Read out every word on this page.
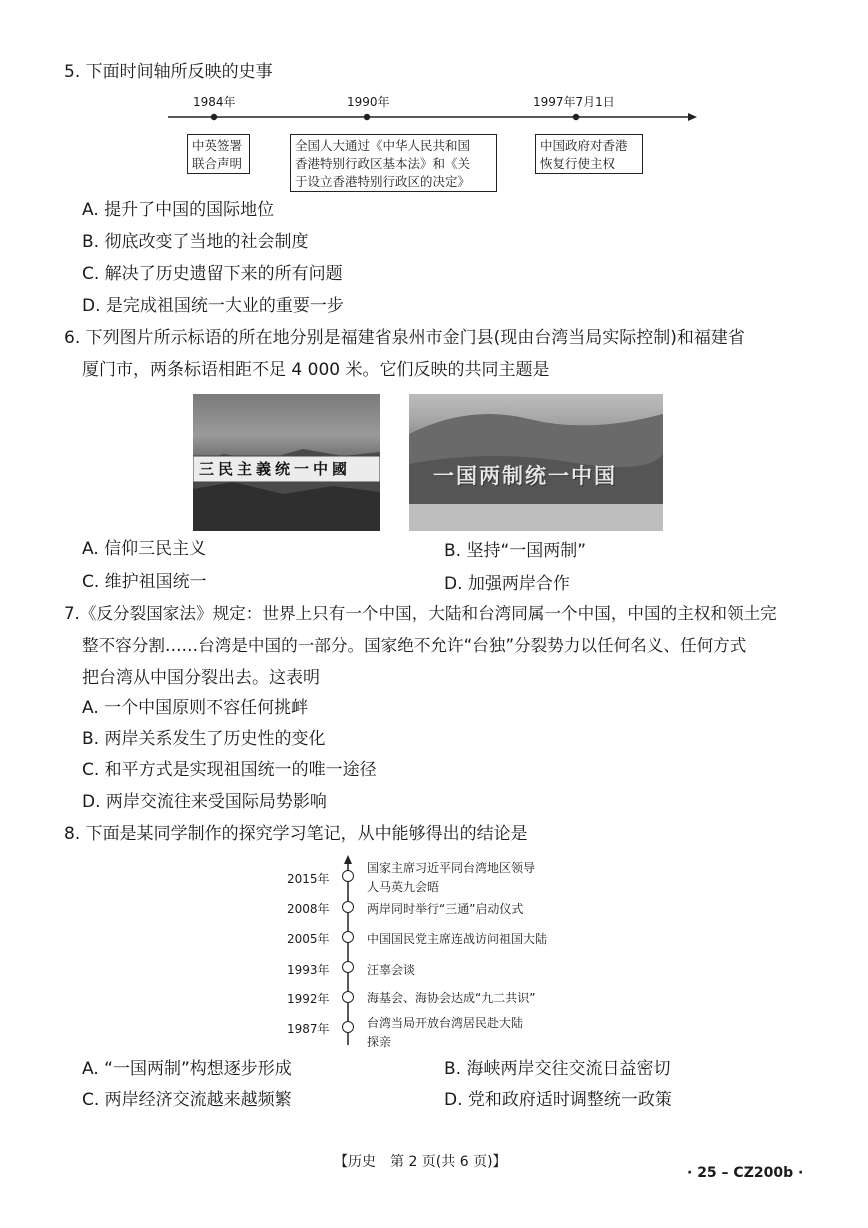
5. 下面时间轴所反映的史事
1984年	1990年	1997年7月1日
中英签署
联合声明
全国人大通过《中华人民共和国
香港特别行政区基本法》和《关
于设立香港特别行政区的决定》
中国政府对香港
恢复行使主权
A. 提升了中国的国际地位
B. 彻底改变了当地的社会制度
C. 解决了历史遗留下来的所有问题
D. 是完成祖国统一大业的重要一步
6. 下列图片所示标语的所在地分别是福建省泉州市金门县(现由台湾当局实际控制)和福建省
厦门市，两条标语相距不足 4 000 米。它们反映的共同主题是
三民主義统一中國	一国两制统一中国
A. 信仰三民主义	B. 坚持“一国两制”
C. 维护祖国统一	D. 加强两岸合作
7.《反分裂国家法》规定：世界上只有一个中国，大陆和台湾同属一个中国，中国的主权和领土完
整不容分割……台湾是中国的一部分。国家绝不允许“台独”分裂势力以任何名义、任何方式
把台湾从中国分裂出去。这表明
A. 一个中国原则不容任何挑衅
B. 两岸关系发生了历史性的变化
C. 和平方式是实现祖国统一的唯一途径
D. 两岸交流往来受国际局势影响
8. 下面是某同学制作的探究学习笔记，从中能够得出的结论是
2015年
国家主席习近平同台湾地区领导
人马英九会晤
2008年	两岸同时举行“三通”启动仪式
2005年	中国国民党主席连战访问祖国大陆
1993年	汪辜会谈
1992年	海基会、海协会达成“九二共识”
1987年	台湾当局开放台湾居民赴大陆
探亲
A. “一国两制”构想逐步形成	B. 海峡两岸交往交流日益密切
C. 两岸经济交流越来越频繁	D. 党和政府适时调整统一政策
【历史　第 2 页(共 6 页)】
· 25 – CZ200b ·
